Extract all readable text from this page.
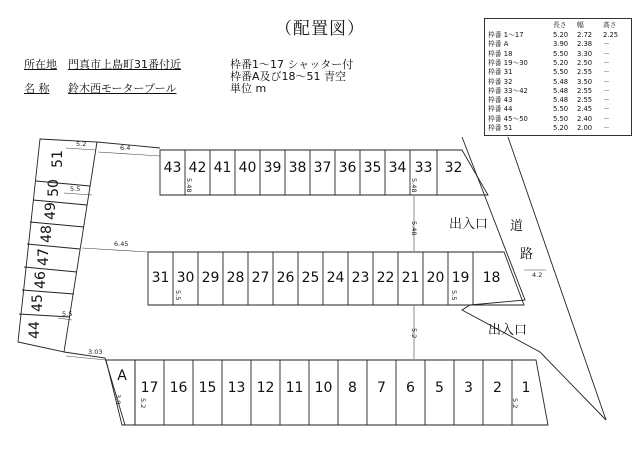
（配置図）
所在地 門真市上島町31番付近
名 称 鈴木西モータープール
枠番1～17 シャッター付
枠番A及び18～51 青空
単位 m
長さ 幅	高さ
枠番 1～17	5.20 2.72 2.25
枠番 A	3.90 2.38 －
枠番 18	5.50 3.30 －
枠番 19～30	5.20 2.50 －
枠番 31	5.50 2.55 －
枠番 32	5.48 3.50 －
枠番 33～42	5.48 2.55 －
枠番 43	5.48 2.55 －
枠番 44	5.50 2.45 －
枠番 45～50	5.50 2.40 －
枠番 51	5.20 2.00 －
43 42 41 40 39 38 37 36 35 34 33 32
31 30 29 28 27 26 25 24 23 22 21 20 19 18
17 16 15 13 12 11 10 8 7 6 5 3 2 1
A
51
50
49
48
47
46
45
44
5.2	6.4
5.5
6.45
5.5
3.03
3.9
5.48	5.48
5.48
5.5	5.5
4.2
5.2
5.2	5.2
道
路
出入口
出入口
